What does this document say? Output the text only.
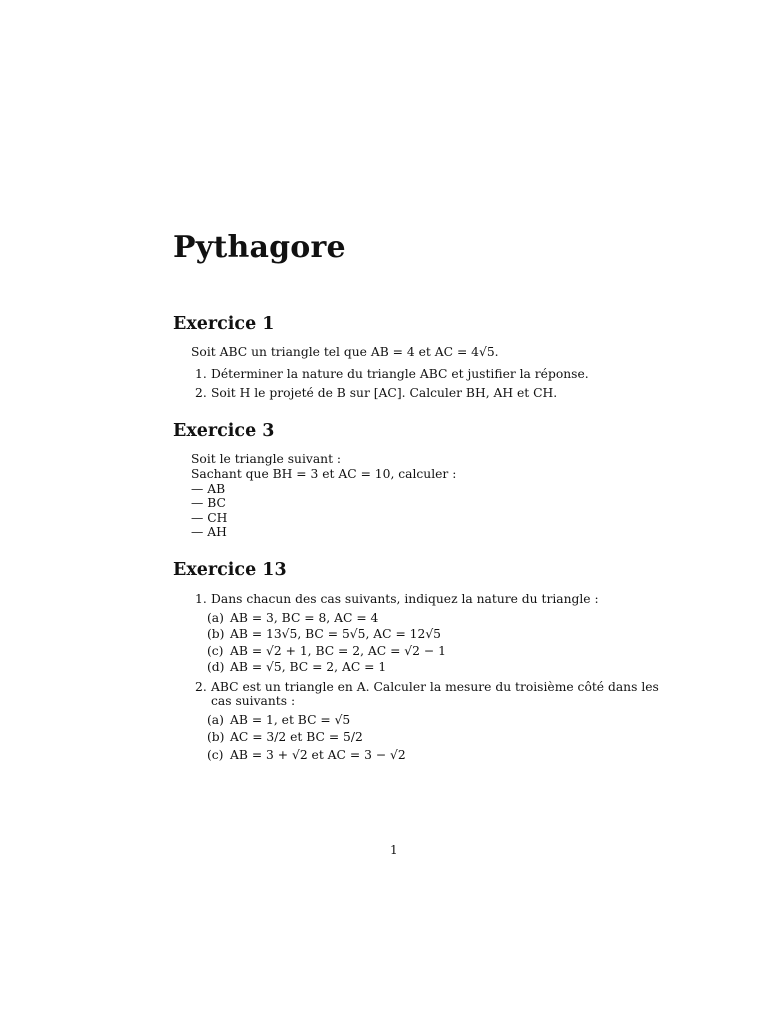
Pythagore
Exercice 1
Soit ABC un triangle tel que AB = 4 et AC = 4√5.
1. Déterminer la nature du triangle ABC et justifier la réponse.
2. Soit H le projeté de B sur [AC]. Calculer BH, AH et CH.
Exercice 3
Soit le triangle suivant :
Sachant que BH = 3 et AC = 10, calculer :
— AB
— BC
— CH
— AH
Exercice 13
1. Dans chacun des cas suivants, indiquez la nature du triangle :
(a) AB = 3, BC = 8, AC = 4
(b) AB = 13√5, BC = 5√5, AC = 12√5
(c) AB = √2 + 1, BC = 2, AC = √2 − 1
(d) AB = √5, BC = 2, AC = 1
2. ABC est un triangle en A. Calculer la mesure du troisième côté dans les
cas suivants :
(a) AB = 1, et BC = √5
(b) AC = 3/2 et BC = 5/2
(c) AB = 3 + √2 et AC = 3 − √2
1
